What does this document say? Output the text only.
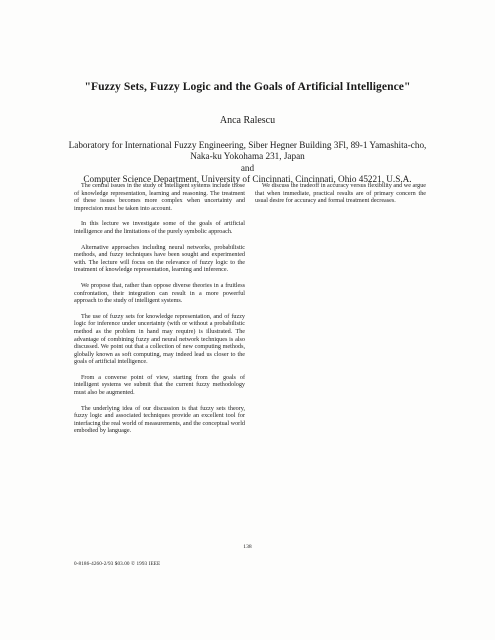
"Fuzzy Sets, Fuzzy Logic and the Goals of Artificial Intelligence"
Anca Ralescu
Laboratory for International Fuzzy Engineering, Siber Hegner Building 3Fl, 89-1 Yamashita-cho,
Naka-ku Yokohama 231, Japan
and
Computer Science Department, University of Cincinnati, Cincinnati, Ohio 45221, U.S.A.

The central issues in the study of intelligent systems include those of knowledge representation, learning and reasoning. The treatment of these issues becomes more complex when uncertainty and imprecision must be taken into account.

In this lecture we investigate some of the goals of artificial intelligence and the limitations of the purely symbolic approach.

Alternative approaches including neural networks, probabilistic methods, and fuzzy techniques have been sought and experimented with. The lecture will focus on the relevance of fuzzy logic to the treatment of knowledge representation, learning and inference.

We propose that, rather than oppose diverse theories in a fruitless confrontation, their integration can result in a more powerful approach to the study of intelligent systems.

The use of fuzzy sets for knowledge representation, and of fuzzy logic for inference under uncertainty (with or without a probabilistic method as the problem in hand may require) is illustrated. The advantage of combining fuzzy and neural network techniques is also discussed. We point out that a collection of new computing methods, globally known as soft computing, may indeed lead us closer to the goals of artificial intelligence.

From a converse point of view, starting from the goals of intelligent systems we submit that the current fuzzy methodology must also be augmented.

The underlying idea of our discussion is that fuzzy sets theory, fuzzy logic and associated techniques provide an excellent tool for interfacing the real world of measurements, and the conceptual world embodied by language.

We discuss the tradeoff in accuracy versus flexibility and we argue that when immediate, practical results are of primary concern the usual desire for accuracy and formal treatment decreases.

138
0-8186-4260-2/93 $03.00 © 1993 IEEE
